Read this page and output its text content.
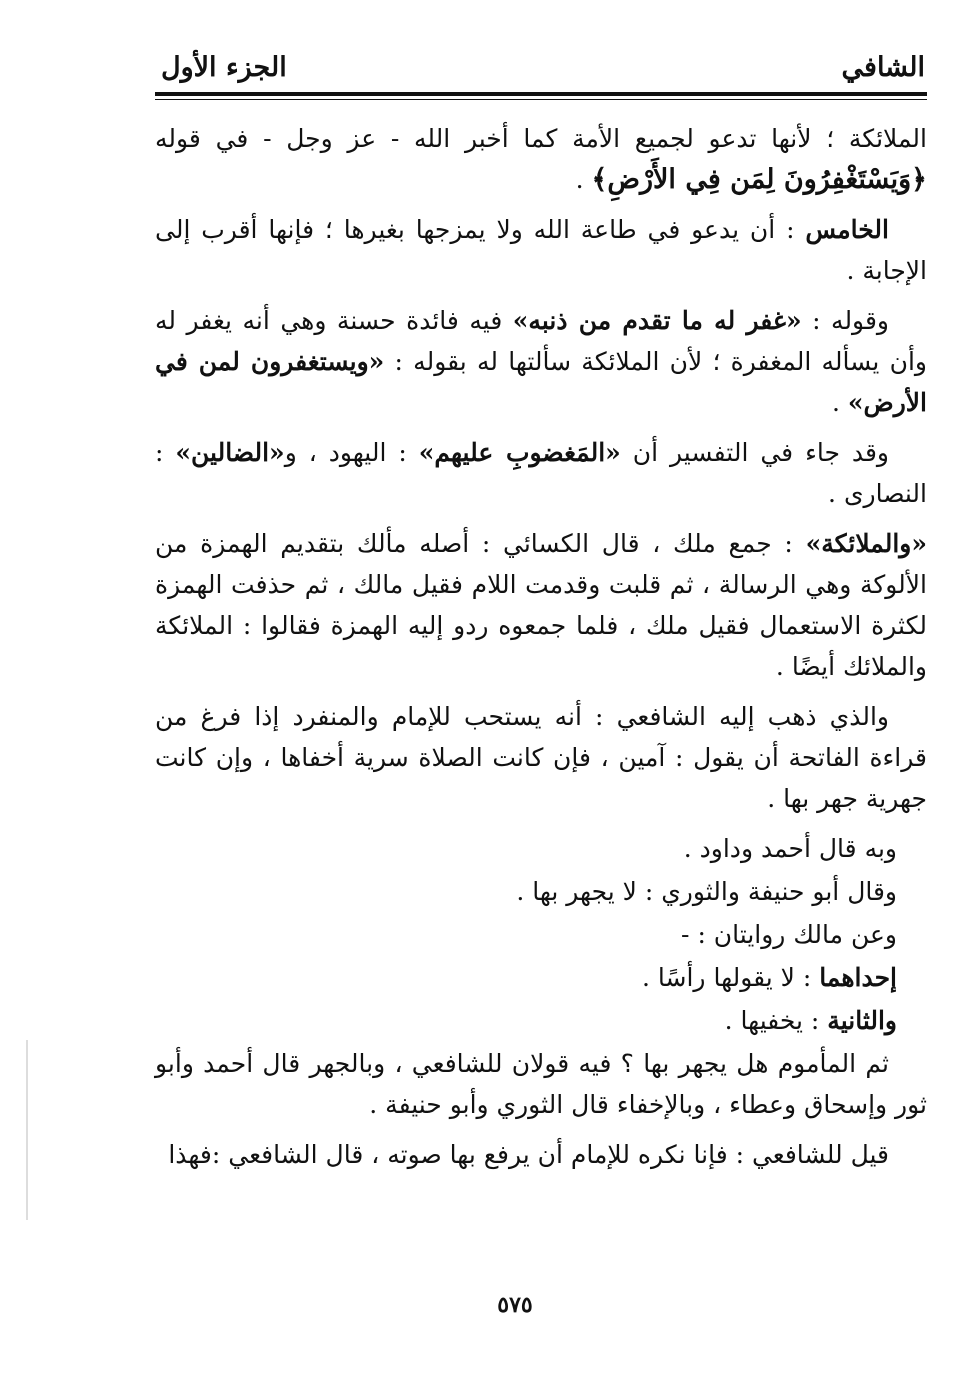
الشافي
الجزء الأول

الملائكة ؛ لأنها تدعو لجميع الأمة كما أخبر الله - عز وجل - في قوله ﴿وَيَسْتَغْفِرُونَ لِمَن فِي الأَرْضِ﴾ .

الخامس : أن يدعو في طاعة الله ولا يمزجها بغيرها ؛ فإنها أقرب إلى الإجابة .

وقوله : «غفر له ما تقدم من ذنبه» فيه فائدة حسنة وهي أنه يغفر له وأن يسأله المغفرة ؛ لأن الملائكة سألتها له بقوله : «ويستغفرون لمن في الأرض» .

وقد جاء في التفسير أن «المَغضوبِ عليهم» : اليهود ، و«الضالين» : النصارى .

«والملائكة» : جمع ملك ، قال الكسائي : أصله مألك بتقديم الهمزة من الألوكة وهي الرسالة ، ثم قلبت وقدمت اللام فقيل مالك ، ثم حذفت الهمزة لكثرة الاستعمال فقيل ملك ، فلما جمعوه ردو إليه الهمزة فقالوا : الملائكة والملائك أيضًا .

والذي ذهب إليه الشافعي : أنه يستحب للإمام والمنفرد إذا فرغ من قراءة الفاتحة أن يقول : آمين ، فإن كانت الصلاة سرية أخفاها ، وإن كانت جهرية جهر بها .

وبه قال أحمد وداود .

وقال أبو حنيفة والثوري : لا يجهر بها .

وعن مالك روايتان : -

إحداهما : لا يقولها رأسًا .

والثانية : يخفيها .

ثم المأموم هل يجهر بها ؟ فيه قولان للشافعي ، وبالجهر قال أحمد وأبو ثور وإسحاق وعطاء ، وبالإخفاء قال الثوري وأبو حنيفة .

قيل للشافعي : فإنا نكره للإمام أن يرفع بها صوته ، قال الشافعي :فهذا

٥٧٥
